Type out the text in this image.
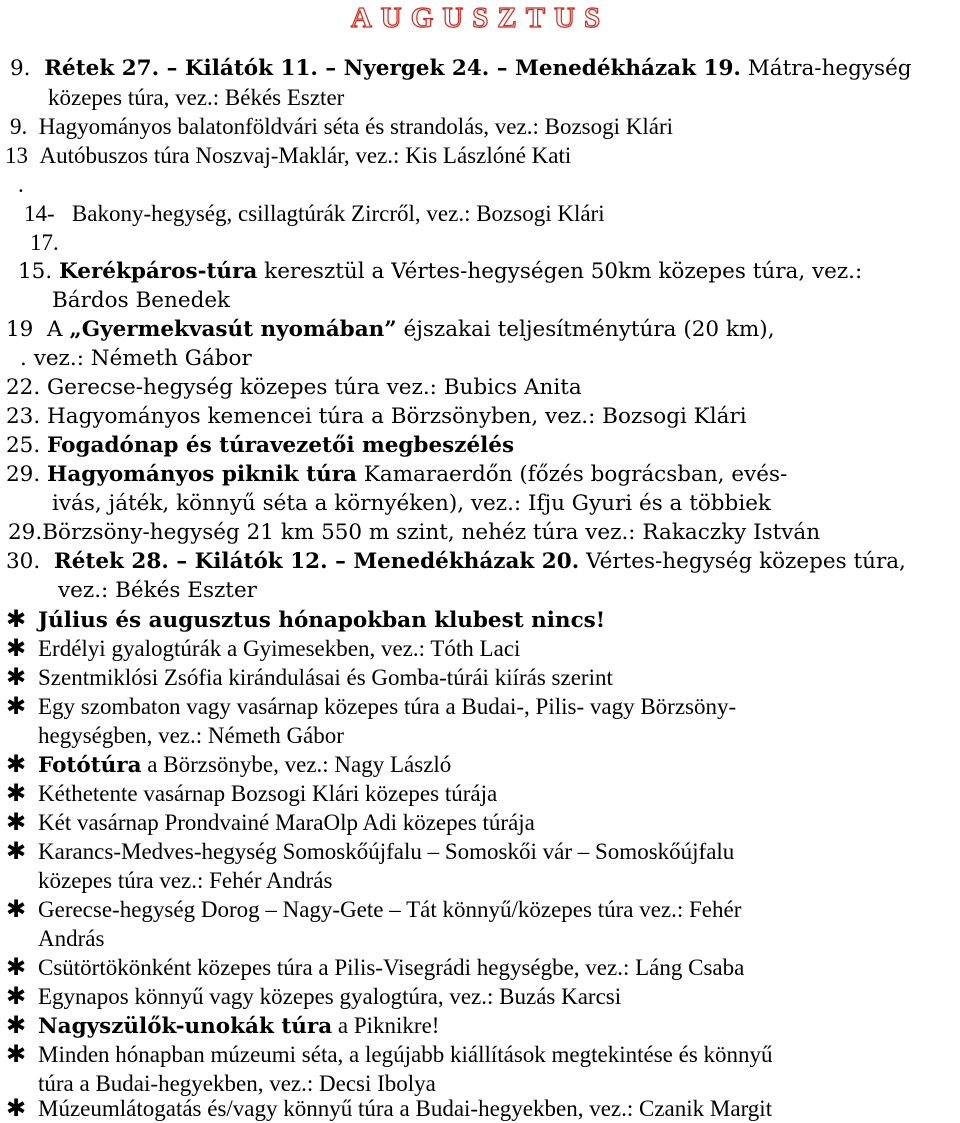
AUGUSZTUS
9. Rétek 27. – Kilátók 11. – Nyergek 24. – Menedékházak 19. Mátra-hegység
közepes túra, vez.: Békés Eszter
9. Hagyományos balatonföldvári séta és strandolás, vez.: Bozsogi Klári
13 Autóbuszos túra Noszvaj-Maklár, vez.: Kis Lászlóné Kati
.
14- Bakony-hegység, csillagtúrák Zircről, vez.: Bozsogi Klári
17.
15. Kerékpáros-túra keresztül a Vértes-hegységen 50km közepes túra, vez.:
Bárdos Benedek
19 A „Gyermekvasút nyomában” éjszakai teljesítménytúra (20 km),
. vez.: Németh Gábor
22. Gerecse-hegység közepes túra vez.: Bubics Anita
23. Hagyományos kemencei túra a Börzsönyben, vez.: Bozsogi Klári
25. Fogadónap és túravezetői megbeszélés
29. Hagyományos piknik túra Kamaraerdőn (főzés bográcsban, evés-
ivás, játék, könnyű séta a környéken), vez.: Ifju Gyuri és a többiek
29.Börzsöny-hegység 21 km 550 m szint, nehéz túra vez.: Rakaczky István
30. Rétek 28. – Kilátók 12. – Menedékházak 20. Vértes-hegység közepes túra,
vez.: Békés Eszter
✱ Július és augusztus hónapokban klubest nincs!
✱ Erdélyi gyalogtúrák a Gyimesekben, vez.: Tóth Laci
✱ Szentmiklósi Zsófia kirándulásai és Gomba-túrái kiírás szerint
✱ Egy szombaton vagy vasárnap közepes túra a Budai-, Pilis- vagy Börzsöny-
hegységben, vez.: Németh Gábor
✱ Fotótúra a Börzsönybe, vez.: Nagy László
✱ Kéthetente vasárnap Bozsogi Klári közepes túrája
✱ Két vasárnap Prondvainé MaraOlp Adi közepes túrája
✱ Karancs-Medves-hegység Somoskőújfalu – Somoskői vár – Somoskőújfalu
közepes túra vez.: Fehér András
✱ Gerecse-hegység Dorog – Nagy-Gete – Tát könnyű/közepes túra vez.: Fehér
András
✱ Csütörtökönként közepes túra a Pilis-Visegrádi hegységbe, vez.: Láng Csaba
✱ Egynapos könnyű vagy közepes gyalogtúra, vez.: Buzás Karcsi
✱ Nagyszülők-unokák túra a Piknikre!
✱ Minden hónapban múzeumi séta, a legújabb kiállítások megtekintése és könnyű
túra a Budai-hegyekben, vez.: Decsi Ibolya
✱ Múzeumlátogatás és/vagy könnyű túra a Budai-hegyekben, vez.: Czanik Margit
